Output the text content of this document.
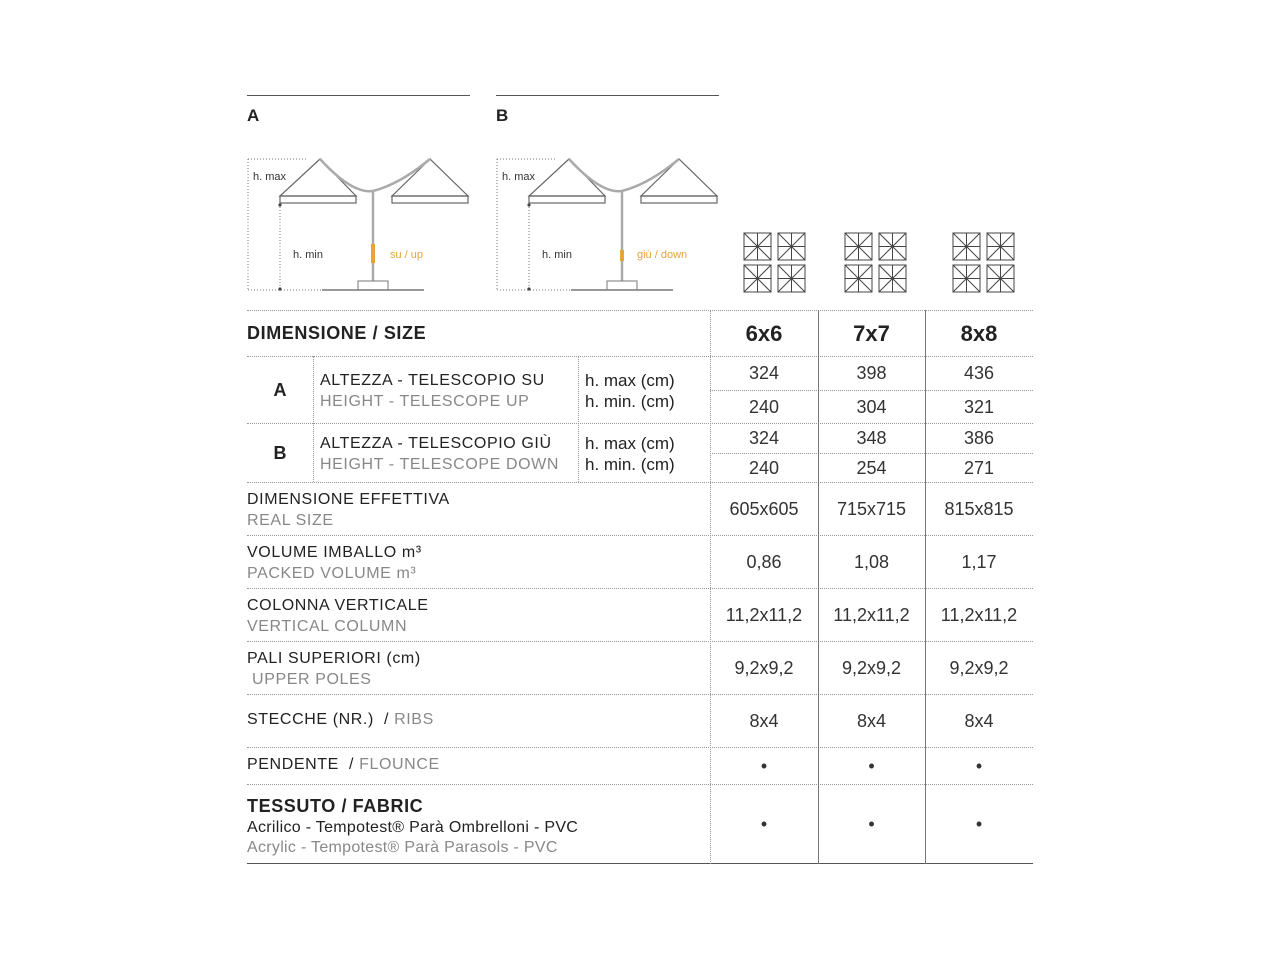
A	B
h. max
h. min	su / up
h. max
h. min	giù / down
DIMENSIONE / SIZE	6x6	7x7	8x8
A	ALTEZZA - TELESCOPIO SU
HEIGHT - TELESCOPE UP
h. max (cm)
h. min. (cm)
324	398	436
240	304	321
B	ALTEZZA - TELESCOPIO GIÙ
HEIGHT - TELESCOPE DOWN
h. max (cm)
h. min. (cm)
324	348	386
240	254	271
DIMENSIONE EFFETTIVA
REAL SIZE
605x605	715x715	815x815
VOLUME IMBALLO m³
PACKED VOLUME m³
0,86	1,08	1,17
COLONNA VERTICALE
VERTICAL COLUMN
11,2x11,2	11,2x11,2	11,2x11,2
PALI SUPERIORI (cm)
UPPER POLES
9,2x9,2	9,2x9,2	9,2x9,2
STECCHE (NR.)  / RIBS	8x4	8x4	8x4
PENDENTE  / FLOUNCE	•	•	•
TESSUTO / FABRIC
Acrilico - Tempotest® Parà Ombrelloni - PVC
Acrylic - Tempotest® Parà Parasols - PVC
•	•	•
